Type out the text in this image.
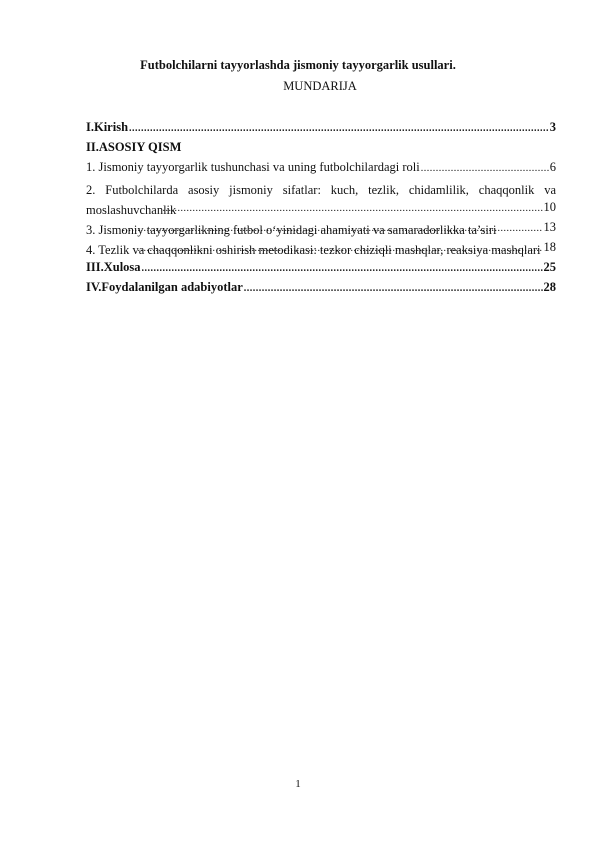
Futbolchilarni tayyorlashda jismoniy tayyorgarlik usullari.
MUNDARIJA
I.Kirish .....	3
II.ASOSIY QISM
1. Jismoniy tayyorgarlik tushunchasi va uning futbolchilardagi roli .....	6
2. Futbolchilarda asosiy jismoniy sifatlar: kuch, tezlik, chidamlilik, chaqqonlik va moslashuvchanlik .....	10
3. Jismoniy tayyorgarlikning futbol o‘yinidagi ahamiyati va samaradorlikka ta’siri .....	13
4. Tezlik va chaqqonlikni oshirish metodikasi: tezkor chiziqli mashqlar, reaksiya mashqlari ..... 18
III.Xulosa .....	25
IV.Foydalanilgan adabiyotlar .....	28
1
